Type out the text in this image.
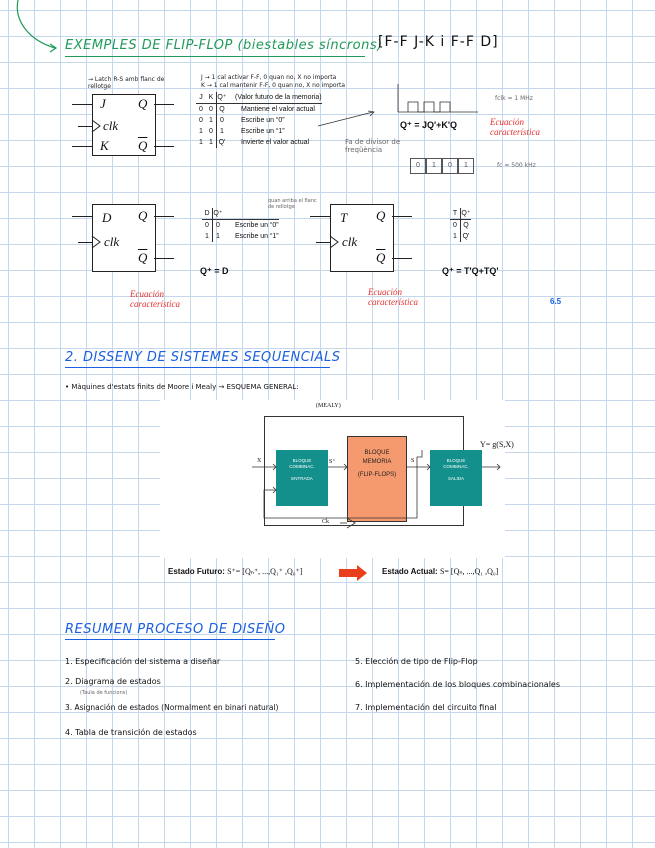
EXEMPLES DE FLIP-FLOP (biestables síncrons)
[F-F J-K i F-F D]
→ Latch R-S amb flanc de rellotge
J Q
clk
K $\overline{Q}$
J → 1 cal activar F-F, 0 quan no, X no importa
K → 1 cal mantenir F-F, 0 quan no, X no importa
J K Q⁺ (Valor futuro de la memoria)
0 0 Q	Mantiene el valor actual
0 1	0	Escribe un “0”
1 0	1	Escribe un “1”
1 1 Q' Invierte el valor actual
fclk = 1 MHz
Q⁺ = JQ'+K'Q	Ecuación característica
Fa de divisor de freqüència
0	1	0	1	fc = 500 kHz
D Q
clk
$\overline{Q}$
D Q⁺
0	0	Escribe un “0”
1	1	Escribe un “1”
quan arriba el flanc de rellotge
Q⁺ = D
Ecuación característica
T Q
clk
$\overline{Q}$
T Q⁺
0 Q
1 Q'
Q⁺ = T'Q+TQ'
Ecuación característica	6.5
2. DISSENY DE SISTEMES SEQUENCIALS
• Màquines d'estats finits de Moore i Mealy → ESQUEMA GENERAL:
(MEALY)
BLOQUE
COMBINAC.
ENTRADA
BLOQUE
MEMORIA
(FLIP-FLOPS)
BLOQUE
COMBINAC.
SALIDA
Y= g(S,X)
X	S⁺	S
Ck
Estado Futuro: S⁺= [Qₙ⁺, ...,Q₁⁺ ,Q₀⁺]	Estado Actual: S= [Qₙ, ...,Q₁ ,Q₀]
RESUMEN PROCESO DE DISEÑO
1. Especificación del sistema a diseñar
2. Diagrama de estados
(Taula de funcions)
3. Asignación de estados (Normalment en binari natural)
4. Tabla de transición de estados
5. Elección de tipo de Flip-Flop
6. Implementación de los bloques combinacionales
7. Implementación del circuito final
